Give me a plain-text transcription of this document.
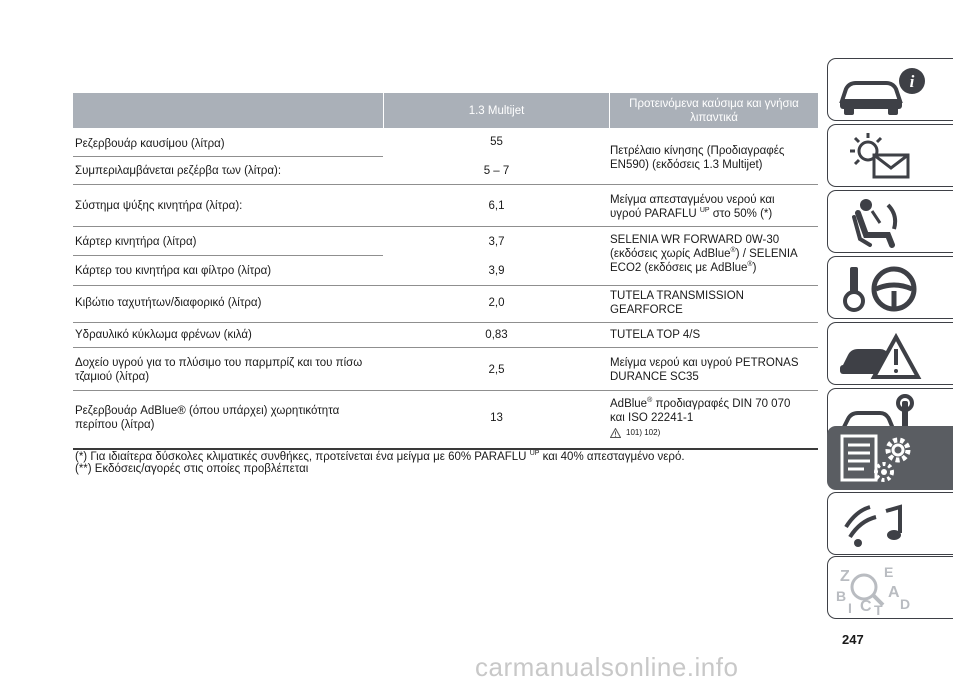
1.3 Multijet
Προτεινόμενα καύσιμα και γνήσια λιπαντικά
Ρεζερβουάρ καυσίμου (λίτρα)
Συμπεριλαμβάνεται ρεζέρβα των (λίτρα):
Σύστημα ψύξης κινητήρα (λίτρα):
Κάρτερ κινητήρα (λίτρα)
Κάρτερ του κινητήρα και φίλτρο (λίτρα)
Κιβώτιο ταχυτήτων/διαφορικό (λίτρα)
Υδραυλικό κύκλωμα φρένων (κιλά)
Δοχείο υγρού για το πλύσιμο του παρμπρίζ και του πίσω
τζαμιού (λίτρα)
Ρεζερβουάρ AdBlue® (όπου υπάρχει) χωρητικότητα
περίπου (λίτρα)
55
5 – 7
6,1
3,7
3,9
2,0
0,83
2,5
13
Πετρέλαιο κίνησης (Προδιαγραφές
EN590) (εκδόσεις 1.3 Multijet)
Μείγμα απεσταγμένου νερού και
υγρού PARAFLU $^{UP}$ στο 50% (*)
SELENIA WR FORWARD 0W-30
(εκδόσεις χωρίς AdBlue®) / SELENIA
ECO2 (εκδόσεις με AdBlue®)
TUTELA TRANSMISSION
GEARFORCE
TUTELA TOP 4/S
Μείγμα νερού και υγρού PETRONAS
DURANCE SC35
AdBlue® προδιαγραφές DIN 70 070
και ISO 22241-1
101) 102)
(*) Για ιδιαίτερα δύσκολες κλιματικές συνθήκες, προτείνεται ένα μείγμα με 60% PARAFLU $^{UP}$ και 40% απεσταγμένο νερό.
(**) Εκδόσεις/αγορές στις οποίες προβλέπεται
i
Z E
B	A
I C T D
247
carmanualsonline.info
